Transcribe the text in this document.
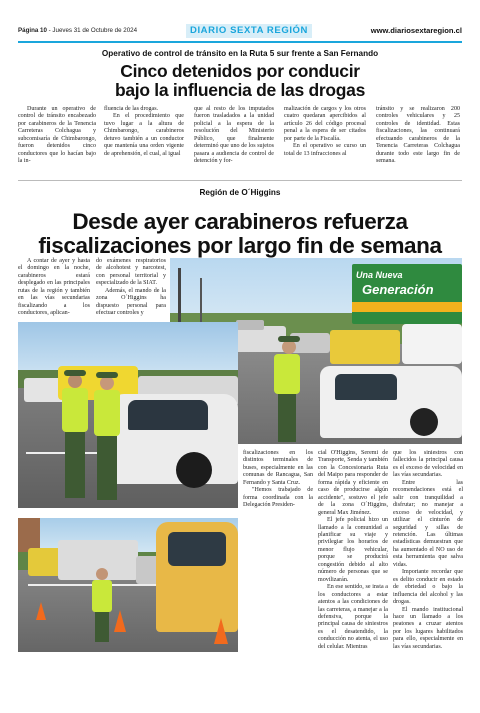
Página 10 - Jueves 31 de Octubre de 2024	DIARIO SEXTA REGIÓN	www.diariosextaregion.cl
Operativo de control de tránsito en la Ruta 5 sur frente a San Fernando
Cinco detenidos por conducir
bajo la influencia de las drogas

Durante un operativo de control de tránsito encabezado por carabineros de la Tenencia Carreteras Colchagua y subcomisaría de Chimbarongo, fueron detenidos cinco conductores que lo hacían bajo la in-

fluencia de las drogas.

En el procedimiento que tuvo lugar a la altura de Chimbarongo, carabineros detuvo también a un conductor que mantenía una orden vigente de aprehensión, el cual, al igual

que al resto de los imputados fueron trasladados a la unidad policial a la espera de la resolución del Ministerio Público, que finalmente determinó que uno de los sujetos pasara a audiencia de control de detención y for-

malización de cargos y los otros cuatro quedaran apercibidos al artículo 26 del código procesal penal a la espera de ser citados por parte de la Fiscalía.

En el operativo se curso un total de 13 infracciones al

tránsito y se realizaron 200 controles vehiculares y 25 controles de identidad. Estas fiscalizaciones, las continuará efectuando carabineros de la Tenencia Carreteras Colchagua durante todo este largo fin de semana.

Región de O´Higgins
Desde ayer carabineros refuerza
fiscalizaciones por largo fin de semana

A contar de ayer y hasta el domingo en la noche, carabineros estará desplegado en las principales rutas de la región y también en las vías secundarias fiscalizando a los conductores, aplican-

do exámenes respiratorios de alcohotest y narcotest, con personal territorial y especializado de la SIAT.

Además, el mando de la zona O´Higgins ha dispuesto personal para efectuar controles y

fiscalizaciones en los distintos terminales de buses, especialmente en las comunas de Rancagua, San Fernando y Santa Cruz.

"Hemos trabajado de forma coordinada con la Delegación Presiden-

cial O'Higgins, Seremi de Transporte, Senda y también con la Concesionaria Ruta del Maipo para responder de forma rápida y eficiente en caso de producirse algún accidente", sostuvo el jefe de la zona O´Higgins, general Max Jiménez.

El jefe policial hizo un llamado a la comunidad a planificar su viaje y privilegiar los horarios de menor flujo vehicular, porque se producirá congestión debido al alto número de personas que se movilizarán.

En ese sentido, se insta a los conductores a estar atentos a las condiciones de las carreteras, a manejar a la defensiva, porque la principal causa de siniestros es el desatendido, la conducción no atenta, el uso del celular. Mientras

que los siniestros con fallecidos la principal causa es el exceso de velocidad en las vías secundarias.

Entre las recomendaciones está el salir con tranquilidad a disfrutar; no manejar a exceso de velocidad, y utilizar el cinturón de seguridad y sillas de retención. Las últimas estadísticas demuestran que ha aumentado el NO uso de esta herramienta que salva vidas.

Importante recordar que es delito conducir en estado de ebriedad o bajo la influencia del alcohol y las drogas.

El mando institucional hace un llamado a los peatones a cruzar atentos por los lugares habilitados para ello, especialmente en las vías secundarias.

Una Nueva
Generación
